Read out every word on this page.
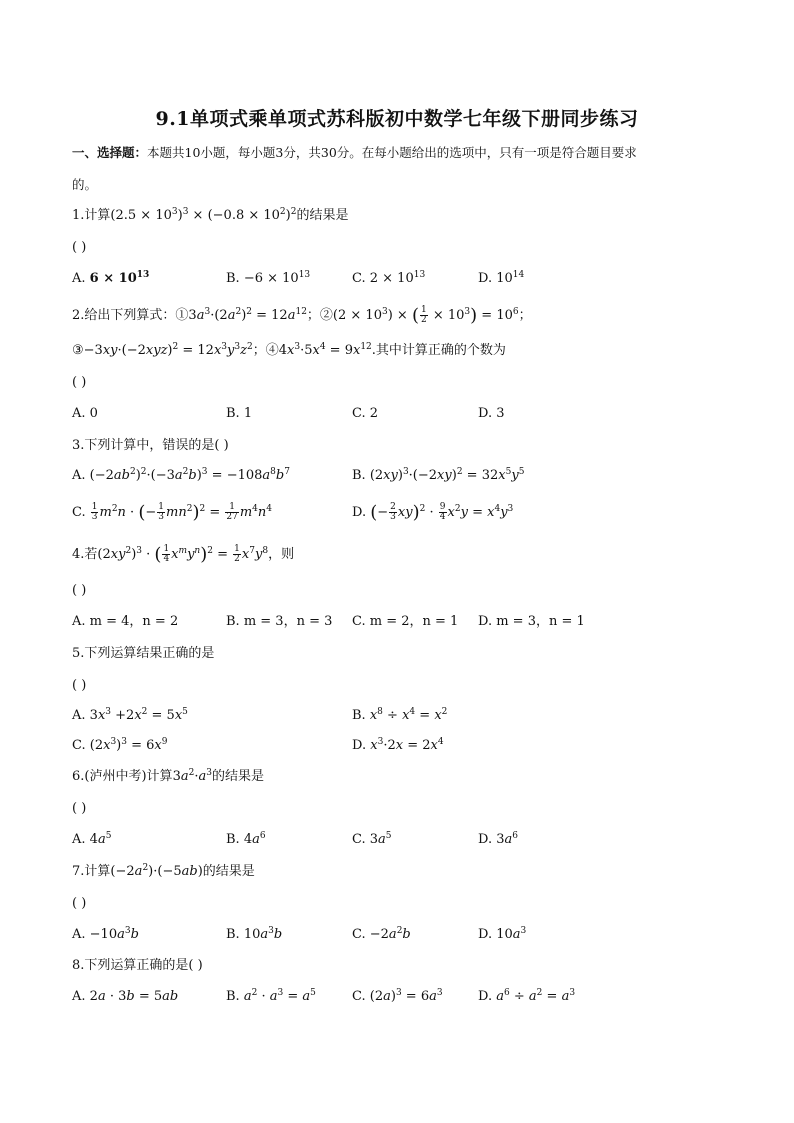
9.1单项式乘单项式苏科版初中数学七年级下册同步练习
一、选择题：本题共10小题，每小题3分，共30分。在每小题给出的选项中，只有一项是符合题目要求
的。
1.计算$(2.5 \times 10^3)^3 \times (-0.8 \times 10^2)^2$的结果是
( )
A. $6 \times 10^{13}$	B. $-6 \times 10^{13}$	C. $2 \times 10^{13}$	D. $10^{14}$
2.给出下列算式：$①3a^3\cdot(2a^2)^2 = 12a^{12}$；②(2 × $10^3$) × ( $\frac{1}{2} \times 10^3) = 10^6$；
$③-3xy\cdot(-2xyz)^2 = 12x^3y^3z^2$；$④4x^3\cdot 5x^4 = 9x^{12}$.其中计算正确的个数为
( )
A. 0	B. 1	C. 2	D. 3
3.下列计算中，错误的是( )
A. $(-2ab^2)^2\cdot(-3a^2b)^3 = -108a^8b^7$	B. $(2xy)^3\cdot(-2xy)^2 = 32x^5y^5$
C. $\frac{1}{3} m^2n$ · (− $\frac{1}{3} mn^2)^2 = \frac{1}{27} m^4n^4$	D. (− $\frac{2}{3} xy)^2 \cdot \frac{9}{4} x^2y = x^4y^3$
4.若$(2xy^2)^3$ · ( $\frac{1}{4} x^my^n)^2 = \frac{1}{2} x^7y^8$，则
( )
A. m = 4，n = 2	B. m = 3，n = 3 C. m = 2，n = 1 D. m = 3，n = 1
5.下列运算结果正确的是
( )
A. $3x^3 +2x^2 = 5x^5$	B. $x^8 \div x^4 = x^2$
C. $(2x^3)^3 = 6x^9$	D. $x^3\cdot 2x = 2x^4$
6.(泸州中考)计算$3a^2\cdot a^3$的结果是
( )
A. $4a^5$	B. $4a^6$	C. $3a^5$	D. $3a^6$
7.计算$(-2a^2)\cdot(-5ab)$的结果是
( )
A. $-10a^3b$	B. $10a^3b$	C. $-2a^2b$	D. $10a^3$
8.下列运算正确的是( )
A. 2a · 3b = 5ab	B. $a^2 \cdot a^3 = a^5$	C. $(2a)^3 = 6a^3$	D. $a^6 \div a^2 = a^3$
